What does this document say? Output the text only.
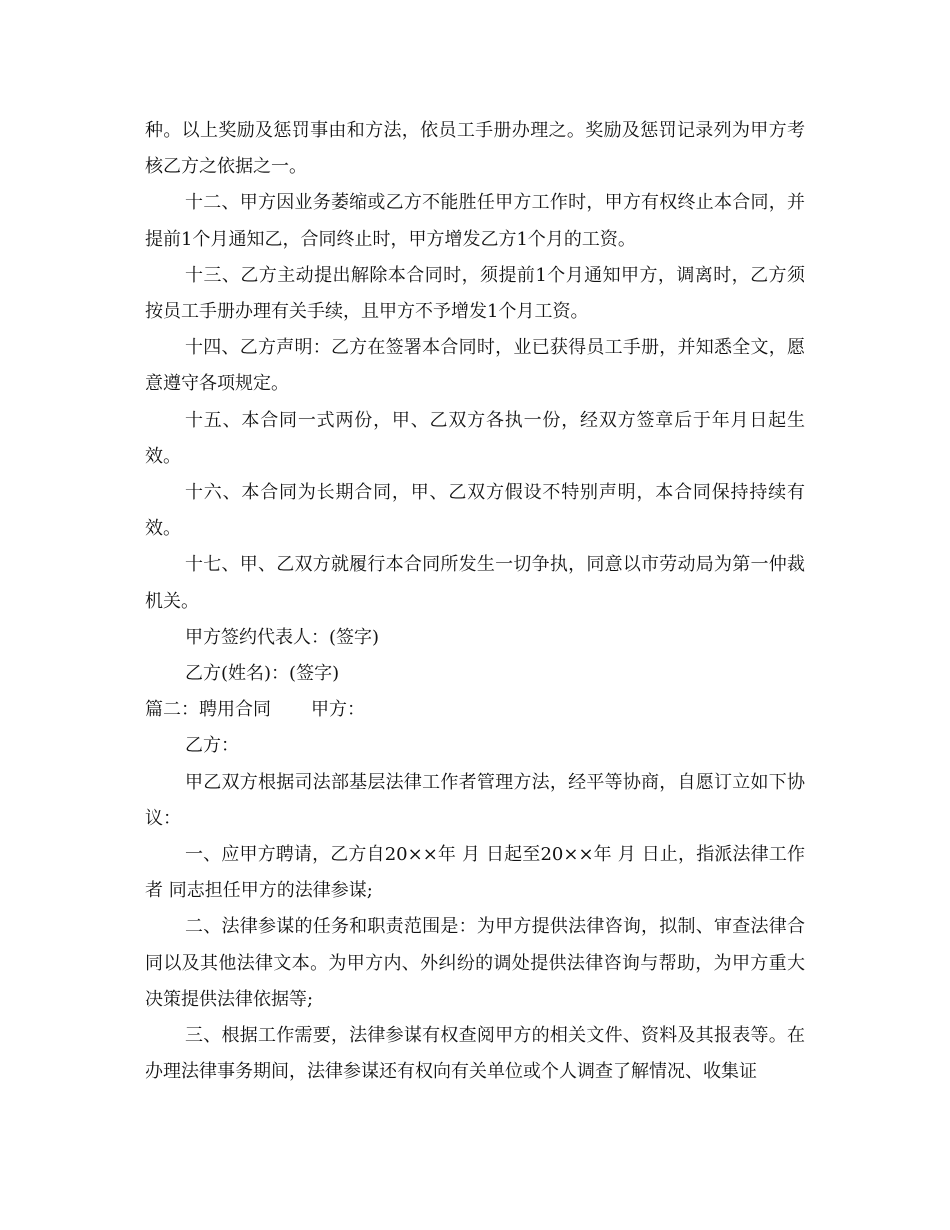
种。以上奖励及惩罚事由和方法，依员工手册办理之。奖励及惩罚记录列为甲方考核乙方之依据之一。

十二、甲方因业务萎缩或乙方不能胜任甲方工作时，甲方有权终止本合同，并提前1个月通知乙，合同终止时，甲方增发乙方1个月的工资。

十三、乙方主动提出解除本合同时，须提前1个月通知甲方，调离时，乙方须按员工手册办理有关手续，且甲方不予增发1个月工资。

十四、乙方声明：乙方在签署本合同时，业已获得员工手册，并知悉全文，愿意遵守各项规定。

十五、本合同一式两份，甲、乙双方各执一份，经双方签章后于年月日起生效。

十六、本合同为长期合同，甲、乙双方假设不特别声明，本合同保持持续有效。

十七、甲、乙双方就履行本合同所发生一切争执，同意以市劳动局为第一仲裁机关。

甲方签约代表人：(签字)

乙方(姓名)：(签字)

篇二：聘用合同 甲方：

乙方：

甲乙双方根据司法部基层法律工作者管理方法，经平等协商，自愿订立如下协议：

一、应甲方聘请，乙方自20××年 月 日起至20××年 月 日止，指派法律工作者 同志担任甲方的法律参谋;

二、法律参谋的任务和职责范围是：为甲方提供法律咨询，拟制、审查法律合同以及其他法律文本。为甲方内、外纠纷的调处提供法律咨询与帮助，为甲方重大决策提供法律依据等;

三、根据工作需要，法律参谋有权查阅甲方的相关文件、资料及其报表等。在办理法律事务期间，法律参谋还有权向有关单位或个人调查了解情况、收集证
